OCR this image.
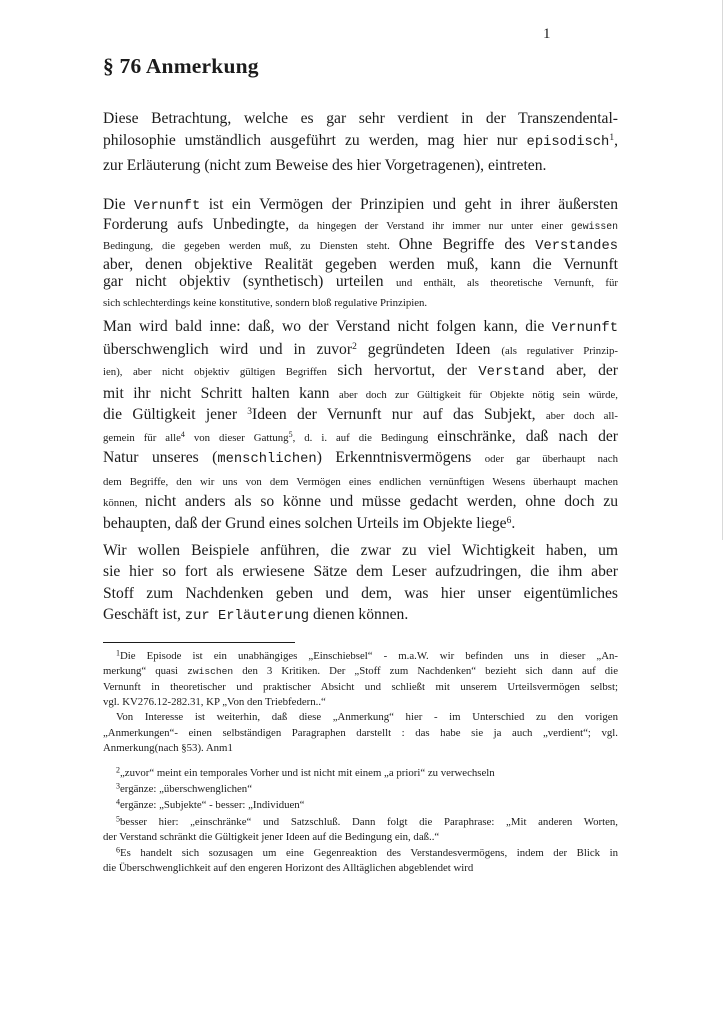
1
§ 76 Anmerkung
Diese Betrachtung, welche es gar sehr verdient in der Transzendental-
philosophie umständlich ausgeführt zu werden, mag hier nur episodisch$^1$,
zur Erläuterung (nicht zum Beweise des hier Vorgetragenen), eintreten.
Die Vernunft ist ein Vermögen der Prinzipien und geht in ihrer äußersten
Forderung aufs Unbedingte, da hingegen der Verstand ihr immer nur unter einer gewissen
Bedingung, die gegeben werden muß, zu Diensten steht. Ohne Begriffe des Verstandes
aber, denen objektive Realität gegeben werden muß, kann die Vernunft
gar nicht objektiv (synthetisch) urteilen und enthält, als theoretische Vernunft, für
sich schlechterdings keine konstitutive, sondern bloß regulative Prinzipien.
Man wird bald inne: daß, wo der Verstand nicht folgen kann, die Vernunft
überschwenglich wird und in zuvor$^2$ gegründeten Ideen (als regulativer Prinzip-
ien), aber nicht objektiv gültigen Begriffen sich hervortut, der Verstand aber, der
mit ihr nicht Schritt halten kann aber doch zur Gültigkeit für Objekte nötig sein würde,
die Gültigkeit jener $^3$Ideen der Vernunft nur auf das Subjekt, aber doch all-
gemein für alle$^4$ von dieser Gattung$^5$, d. i. auf die Bedingung einschränke, daß nach der
Natur unseres (menschlichen) Erkenntnisvermögens oder gar überhaupt nach
dem Begriffe, den wir uns von dem Vermögen eines endlichen vernünftigen Wesens überhaupt machen
können, nicht anders als so könne und müsse gedacht werden, ohne doch zu
behaupten, daß der Grund eines solchen Urteils im Objekte liege$^6$.
Wir wollen Beispiele anführen, die zwar zu viel Wichtigkeit haben, um
sie hier so fort als erwiesene Sätze dem Leser aufzudringen, die ihm aber
Stoff zum Nachdenken geben und dem, was hier unser eigentümliches
Geschäft ist, zur Erläuterung dienen können.
$^1$Die Episode ist ein unabhängiges „Einschiebsel“ - m.a.W. wir befinden uns in dieser „An-
merkung“ quasi zwischen den 3 Kritiken. Der „Stoff zum Nachdenken“ bezieht sich dann auf die
Vernunft in theoretischer und praktischer Absicht und schließt mit unserem Urteilsvermögen selbst;
vgl. KV276.12-282.31, KP „Von den Triebfedern..“
Von Interesse ist weiterhin, daß diese „Anmerkung“ hier - im Unterschied zu den vorigen
„Anmerkungen“- einen selbständigen Paragraphen darstellt : das habe sie ja auch „verdient“; vgl.
Anmerkung(nach §53). Anm1
$^2$„zuvor“ meint ein temporales Vorher und ist nicht mit einem „a priori“ zu verwechseln
$^3$ergänze: „überschwenglichen“
$^4$ergänze: „Subjekte“ - besser: „Individuen“
$^5$besser hier: „einschränke“ und Satzschluß. Dann folgt die Paraphrase: „Mit anderen Worten,
der Verstand schränkt die Gültigkeit jener Ideen auf die Bedingung ein, daß..“
$^6$Es handelt sich sozusagen um eine Gegenreaktion des Verstandesvermögens, indem der Blick in
die Überschwenglichkeit auf den engeren Horizont des Alltäglichen abgeblendet wird
